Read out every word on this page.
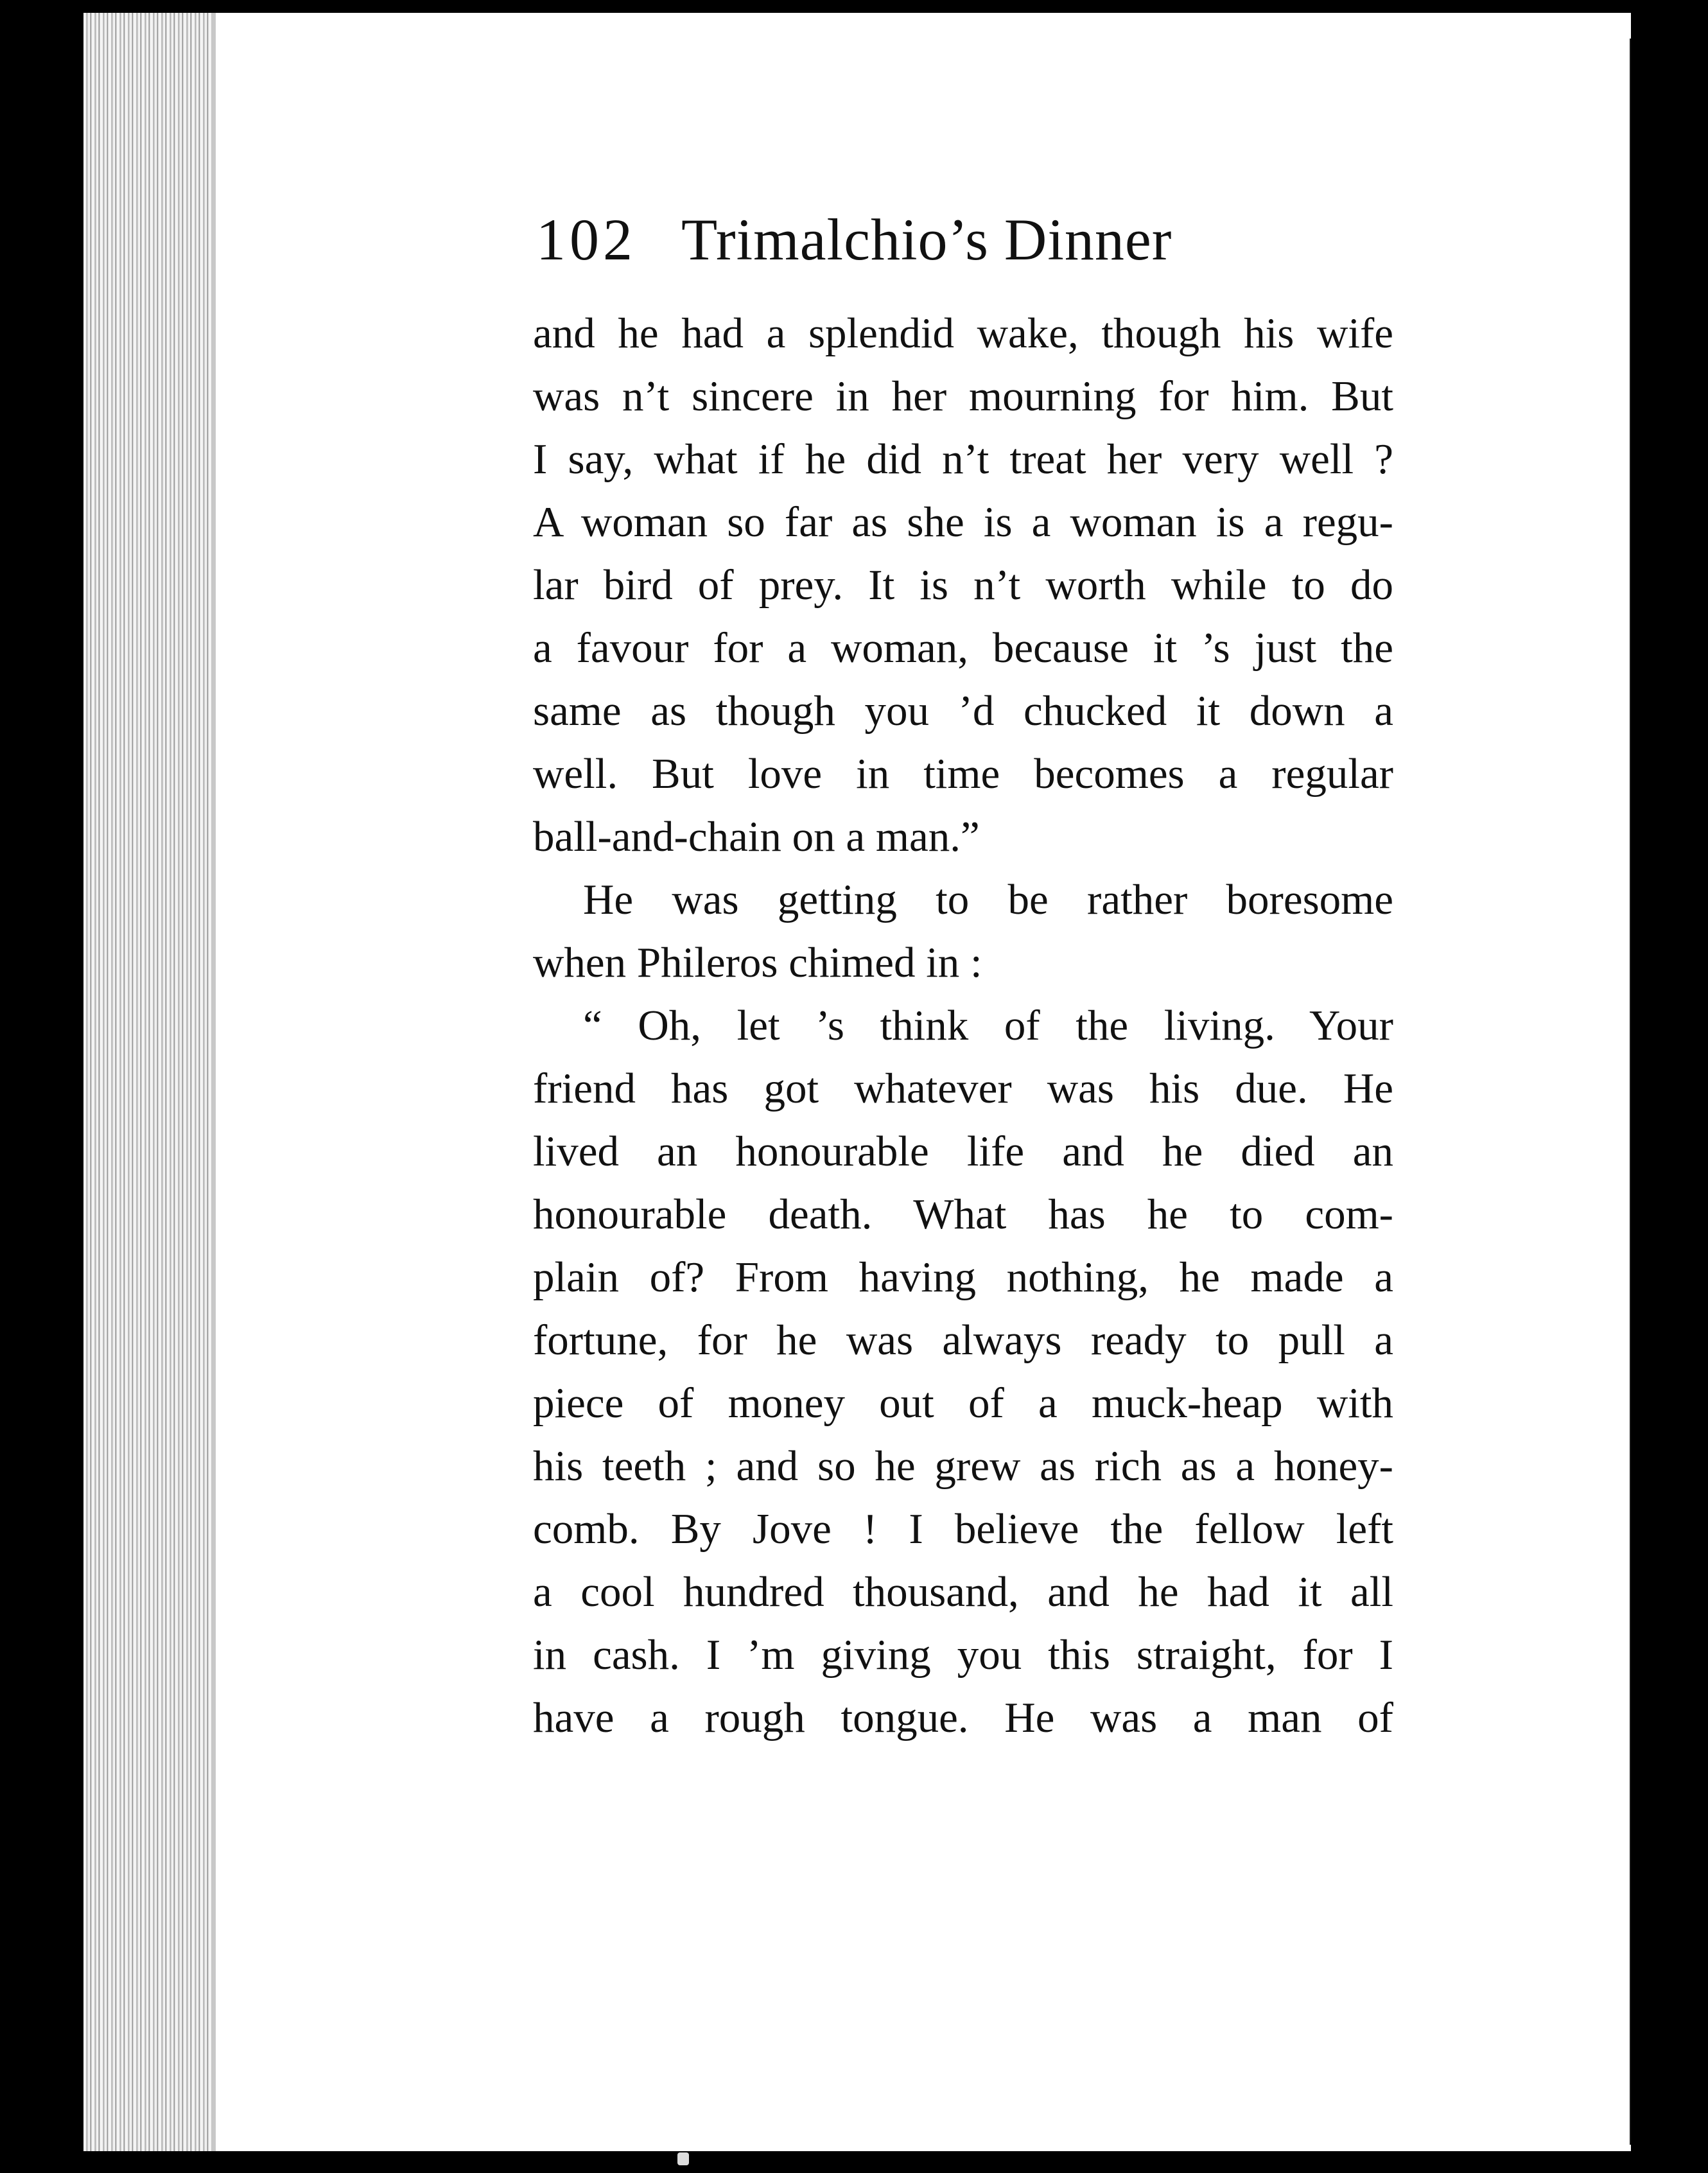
102 Trimalchio’s Dinner
and he had a splendid wake, though his wife
was n’t sincere in her mourning for him. But
I say, what if he did n’t treat her very well ?
A woman so far as she is a woman is a regu-
lar bird of prey. It is n’t worth while to do
a favour for a woman, because it ’s just the
same as though you ’d chucked it down a
well. But love in time becomes a regular
ball-and-chain on a man.”
He was getting to be rather boresome
when Phileros chimed in :
“ Oh, let ’s think of the living. Your
friend has got whatever was his due. He
lived an honourable life and he died an
honourable death. What has he to com-
plain of? From having nothing, he made a
fortune, for he was always ready to pull a
piece of money out of a muck-heap with
his teeth ; and so he grew as rich as a honey-
comb. By Jove ! I believe the fellow left
a cool hundred thousand, and he had it all
in cash. I ’m giving you this straight, for I
have a rough tongue. He was a man of
